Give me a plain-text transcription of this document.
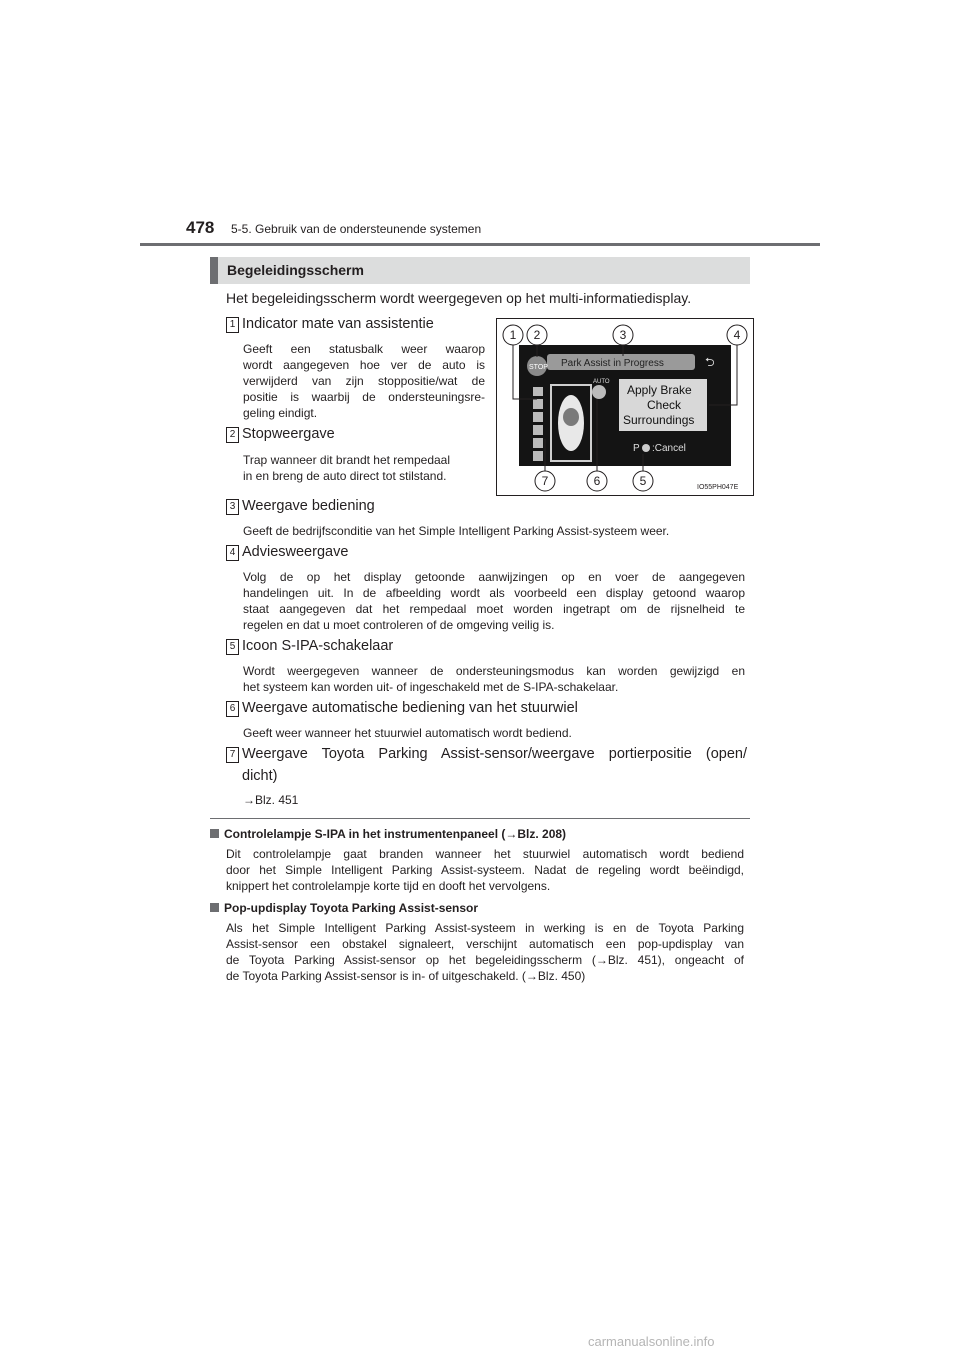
478 5-5. Gebruik van de ondersteunende systemen
Begeleidingsscherm
Het begeleidingsscherm wordt weergegeven op het multi-informatiedisplay.
1 Indicator mate van assistentie
Geeft een statusbalk weer waarop
wordt aangegeven hoe ver de auto is
verwijderd van zijn stoppositie/wat de
positie is waarbij de ondersteuningsre-
geling eindigt.
2 Stopweergave
Trap wanneer dit brandt het rempedaal
in en breng de auto direct tot stilstand.
Park Assist in Progress	⮌
STOP
AUTO
Apply Brake
Check
Surroundings
P :Cancel
1 2	3	4
7	6	5	IO55PH047E
3 Weergave bediening
Geeft de bedrijfsconditie van het Simple Intelligent Parking Assist-systeem weer.
4 Adviesweergave
Volg de op het display getoonde aanwijzingen op en voer de aangegeven
handelingen uit. In de afbeelding wordt als voorbeeld een display getoond waarop
staat aangegeven dat het rempedaal moet worden ingetrapt om de rijsnelheid te
regelen en dat u moet controleren of de omgeving veilig is.
5 Icoon S-IPA-schakelaar
Wordt weergegeven wanneer de ondersteuningsmodus kan worden gewijzigd en
het systeem kan worden uit- of ingeschakeld met de S-IPA-schakelaar.
6 Weergave automatische bediening van het stuurwiel
Geeft weer wanneer het stuurwiel automatisch wordt bediend.
7 Weergave Toyota Parking Assist-sensor/weergave portierpositie (open/
dicht)
→Blz. 451
Controlelampje S-IPA in het instrumentenpaneel (→Blz. 208)
Dit controlelampje gaat branden wanneer het stuurwiel automatisch wordt bediend
door het Simple Intelligent Parking Assist-systeem. Nadat de regeling wordt beëindigd,
knippert het controlelampje korte tijd en dooft het vervolgens.
Pop-updisplay Toyota Parking Assist-sensor
Als het Simple Intelligent Parking Assist-systeem in werking is en de Toyota Parking
Assist-sensor een obstakel signaleert, verschijnt automatisch een pop-updisplay van
de Toyota Parking Assist-sensor op het begeleidingsscherm (→Blz. 451), ongeacht of
de Toyota Parking Assist-sensor is in- of uitgeschakeld. (→Blz. 450)
carmanualsonline.info
